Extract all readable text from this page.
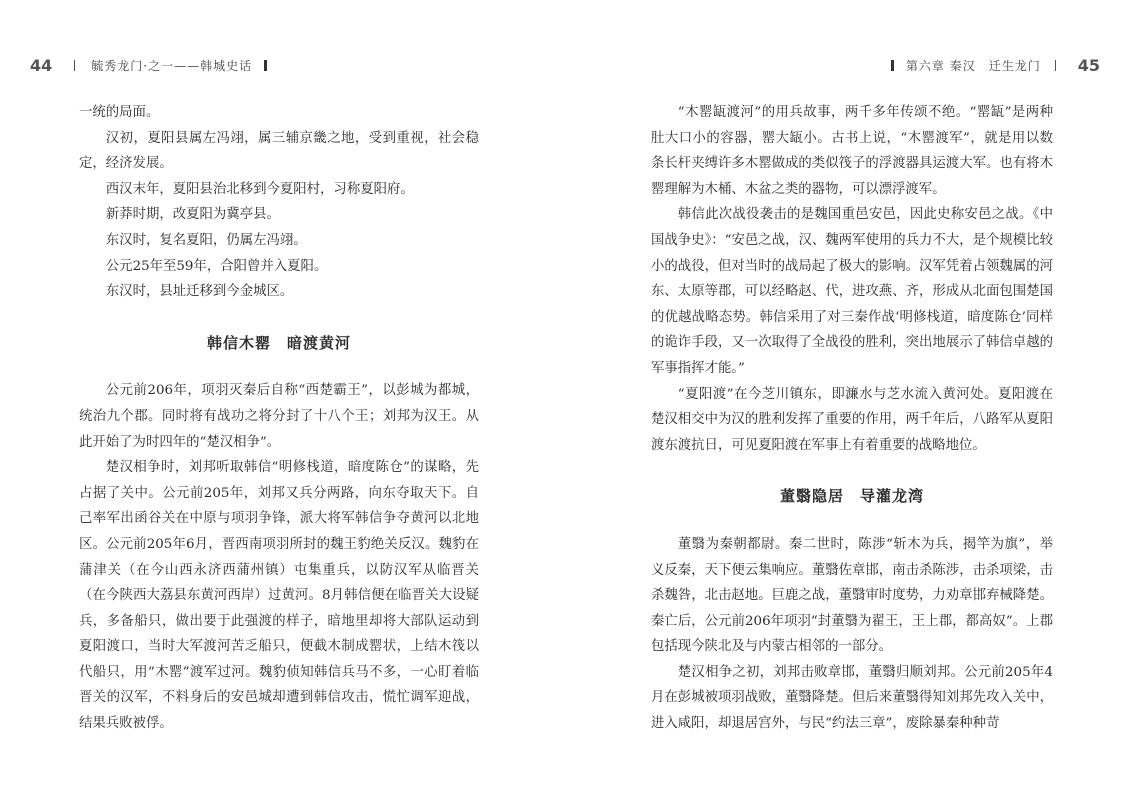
44	毓秀龙门·之一——韩城史话	第六章 秦汉　迁生龙门 45

一统的局面。

汉初，夏阳县属左冯翊，属三辅京畿之地，受到重视，社会稳定，经济发展。

西汉末年，夏阳县治北移到今夏阳村，习称夏阳府。

新莽时期，改夏阳为冀亭县。

东汉时，复名夏阳，仍属左冯翊。

公元25年至59年，合阳曾并入夏阳。

东汉时，县址迁移到今金城区。

韩信木罂　暗渡黄河

公元前206年，项羽灭秦后自称“西楚霸王”，以彭城为都城，统治九个郡。同时将有战功之将分封了十八个王；刘邦为汉王。从此开始了为时四年的“楚汉相争”。

楚汉相争时，刘邦听取韩信“明修栈道，暗度陈仓”的谋略，先占据了关中。公元前205年，刘邦又兵分两路，向东夺取天下。自己率军出函谷关在中原与项羽争锋，派大将军韩信争夺黄河以北地区。公元前205年6月，晋西南项羽所封的魏王豹绝关反汉。魏豹在蒲津关（在今山西永济西蒲州镇）屯集重兵，以防汉军从临晋关（在今陕西大荔县东黄河西岸）过黄河。8月韩信便在临晋关大设疑兵，多备船只，做出要于此强渡的样子，暗地里却将大部队运动到夏阳渡口，当时大军渡河苦乏船只，便截木制成罂状，上结木筏以代船只，用“木罂”渡军过河。魏豹侦知韩信兵马不多，一心盯着临晋关的汉军，不料身后的安邑城却遭到韩信攻击，慌忙调军迎战，结果兵败被俘。

“木罂缻渡河”的用兵故事，两千多年传颂不绝。“罂缻”是两种肚大口小的容器，罂大缻小。古书上说，“木罂渡军”，就是用以数条长杆夹缚许多木罂做成的类似筏子的浮渡器具运渡大军。也有将木罂理解为木桶、木盆之类的器物，可以漂浮渡军。

韩信此次战役袭击的是魏国重邑安邑，因此史称安邑之战。《中国战争史》：“安邑之战，汉、魏两军使用的兵力不大，是个规模比较小的战役，但对当时的战局起了极大的影响。汉军凭着占领魏属的河东、太原等郡，可以经略赵、代，进攻燕、齐，形成从北面包围楚国的优越战略态势。韩信采用了对三秦作战‘明修栈道，暗度陈仓’同样的诡诈手段，又一次取得了全战役的胜利，突出地展示了韩信卓越的军事指挥才能。”

“夏阳渡”在今芝川镇东，即濂水与芝水流入黄河处。夏阳渡在楚汉相交中为汉的胜利发挥了重要的作用，两千年后，八路军从夏阳渡东渡抗日，可见夏阳渡在军事上有着重要的战略地位。

董翳隐居　导灌龙湾

董翳为秦朝都尉。秦二世时，陈涉“斩木为兵，揭竿为旗”，举义反秦，天下便云集响应。董翳佐章邯，南击杀陈涉，击杀项梁，击杀魏咎，北击赵地。巨鹿之战，董翳审时度势，力劝章邯弃械降楚。秦亡后，公元前206年项羽“封董翳为翟王，王上郡，都高奴”。上郡包括现今陕北及与内蒙古相邻的一部分。

楚汉相争之初，刘邦击败章邯，董翳归顺刘邦。公元前205年4月在彭城被项羽战败，董翳降楚。但后来董翳得知刘邦先攻入关中，进入咸阳，却退居宫外，与民“约法三章”，废除暴秦种种苛
